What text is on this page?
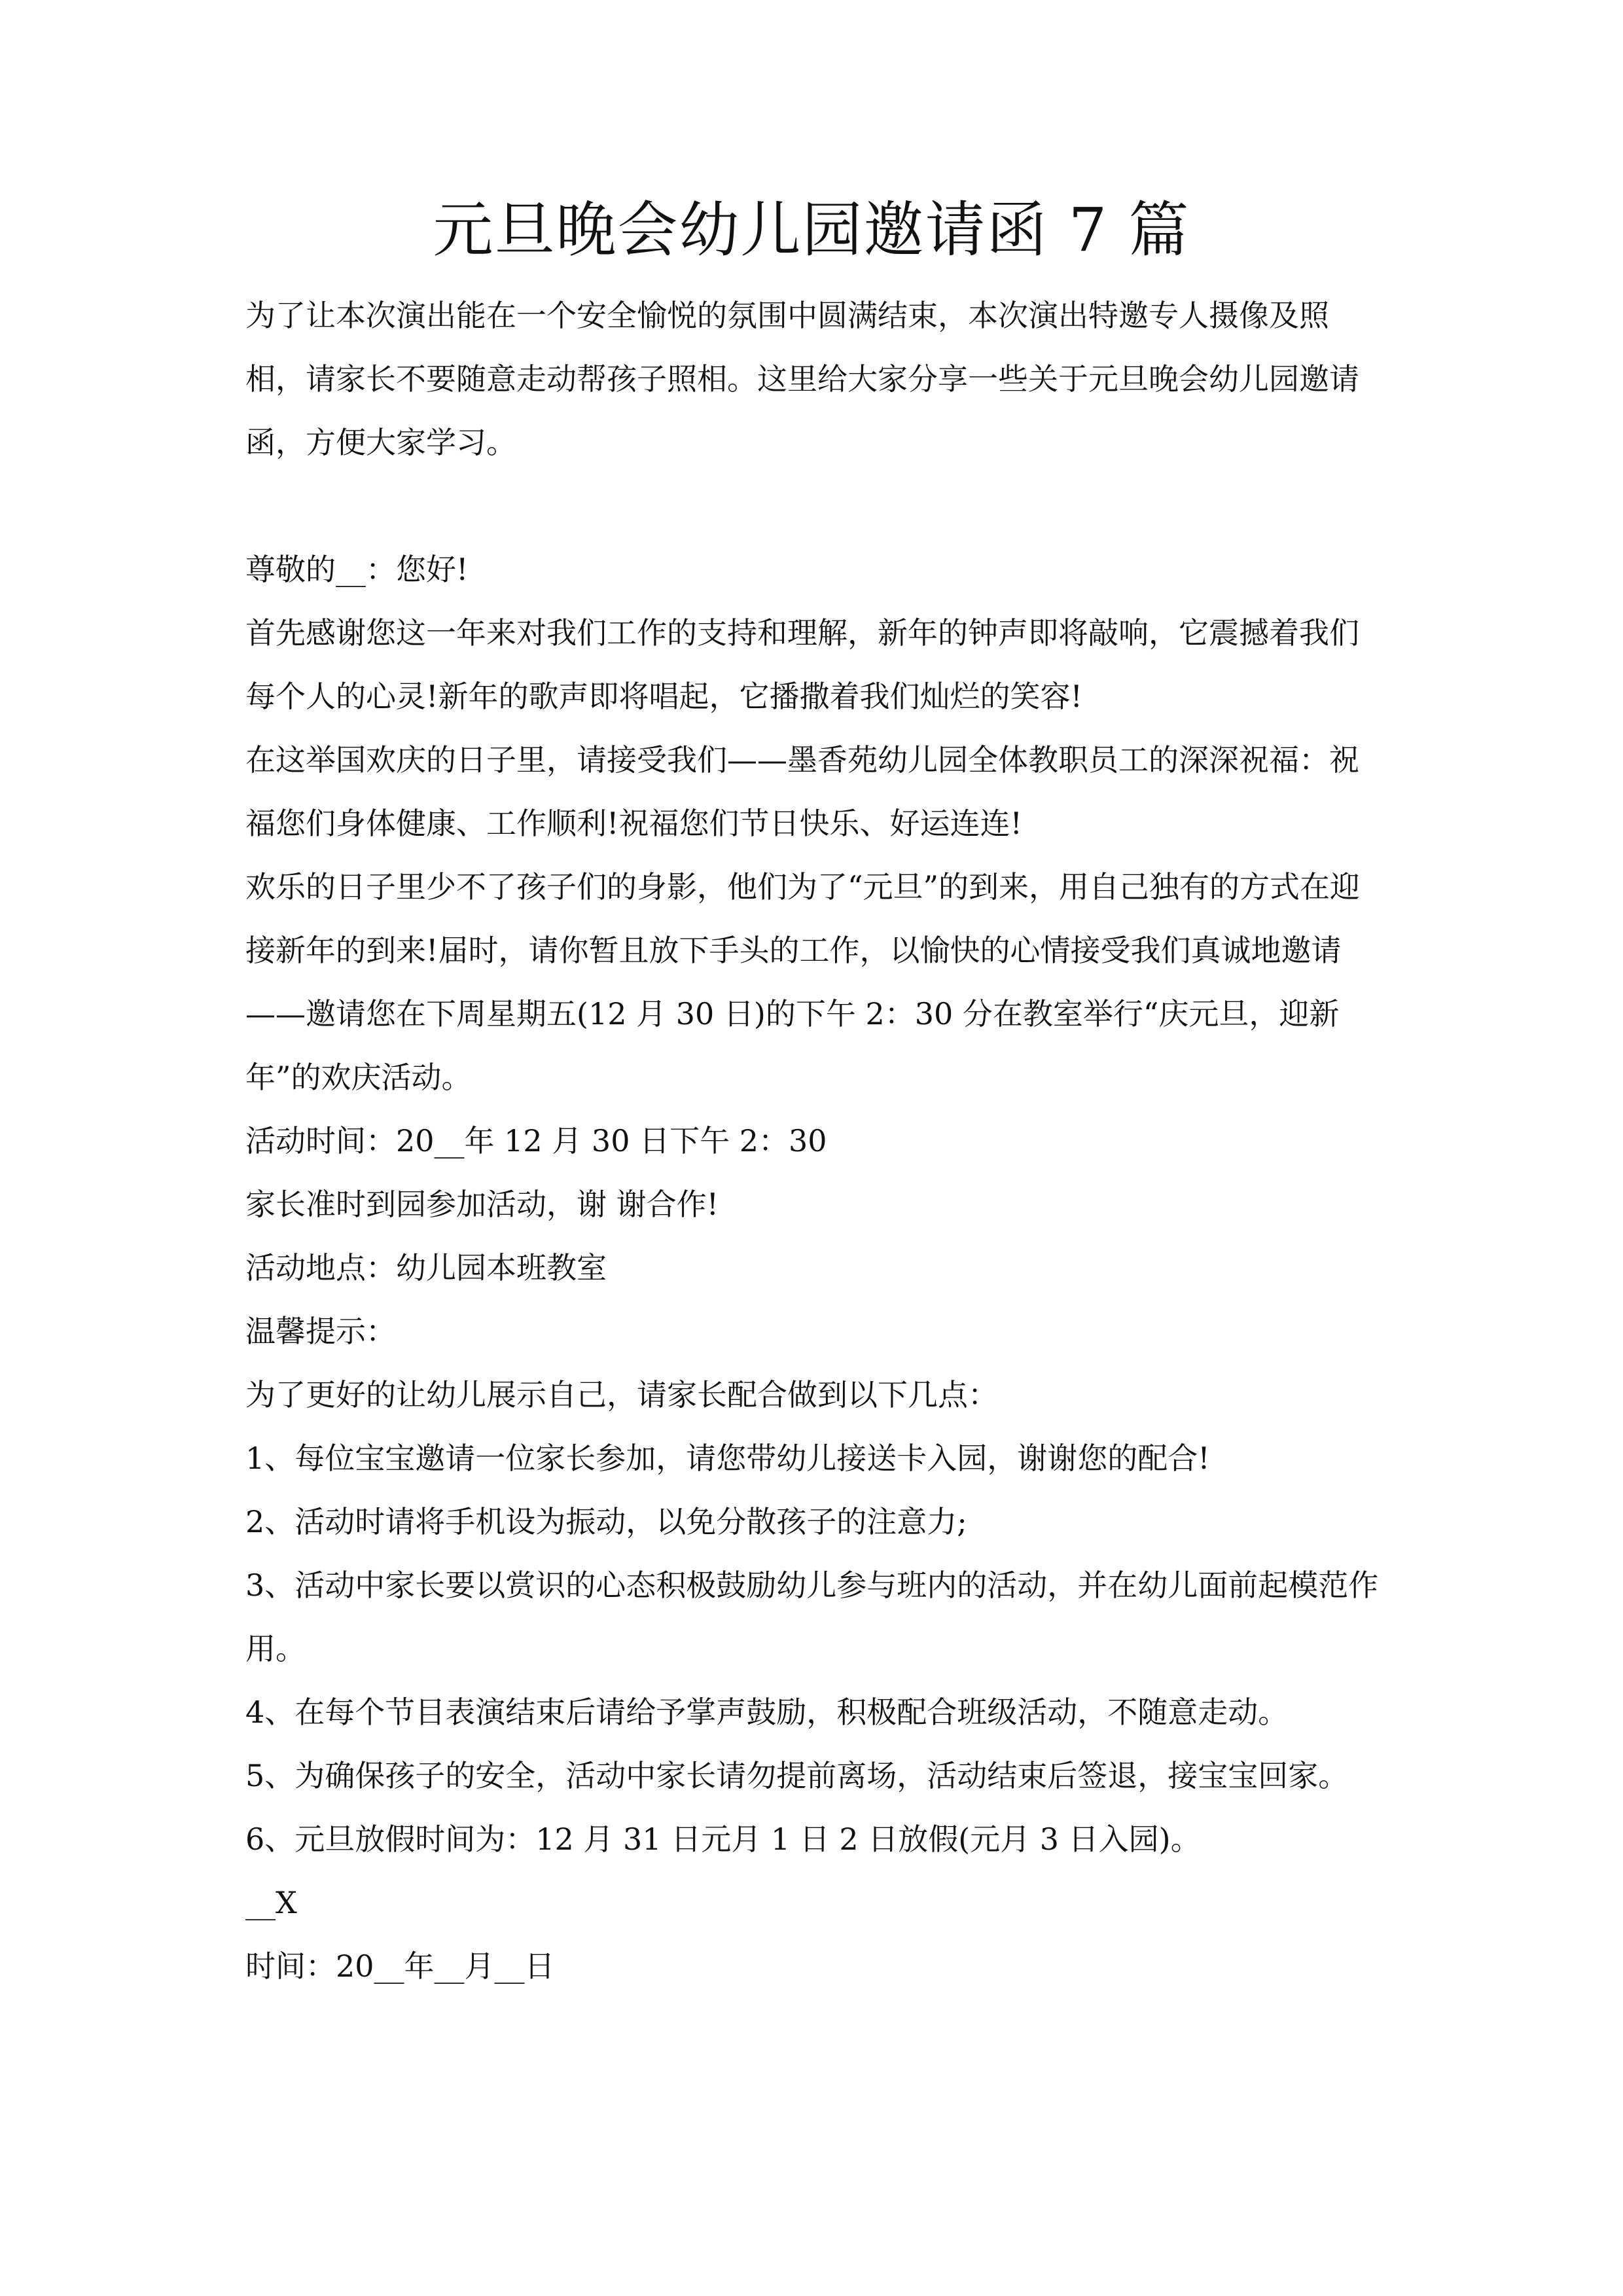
元旦晚会幼儿园邀请函 7 篇

为了让本次演出能在一个安全愉悦的氛围中圆满结束，本次演出特邀专人摄像及照相，请家长不要随意走动帮孩子照相。这里给大家分享一些关于元旦晚会幼儿园邀请函，方便大家学习。

尊敬的__：您好!

首先感谢您这一年来对我们工作的支持和理解，新年的钟声即将敲响，它震撼着我们每个人的心灵!新年的歌声即将唱起，它播撒着我们灿烂的笑容!

在这举国欢庆的日子里，请接受我们——墨香苑幼儿园全体教职员工的深深祝福：祝福您们身体健康、工作顺利!祝福您们节日快乐、好运连连!

欢乐的日子里少不了孩子们的身影，他们为了“元旦”的到来，用自己独有的方式在迎接新年的到来!届时，请你暂且放下手头的工作，以愉快的心情接受我们真诚地邀请——邀请您在下周星期五(12 月 30 日)的下午 2：30 分在教室举行“庆元旦，迎新年”的欢庆活动。

活动时间：20__年 12 月 30 日下午 2：30

家长准时到园参加活动，谢 谢合作!

活动地点：幼儿园本班教室

温馨提示：

为了更好的让幼儿展示自己，请家长配合做到以下几点：

1、每位宝宝邀请一位家长参加，请您带幼儿接送卡入园，谢谢您的配合!

2、活动时请将手机设为振动，以免分散孩子的注意力;

3、活动中家长要以赏识的心态积极鼓励幼儿参与班内的活动，并在幼儿面前起模范作用。

4、在每个节目表演结束后请给予掌声鼓励，积极配合班级活动，不随意走动。

5、为确保孩子的安全，活动中家长请勿提前离场，活动结束后签退，接宝宝回家。

6、元旦放假时间为：12 月 31 日元月 1 日 2 日放假(元月 3 日入园)。

__X

时间：20__年__月__日
